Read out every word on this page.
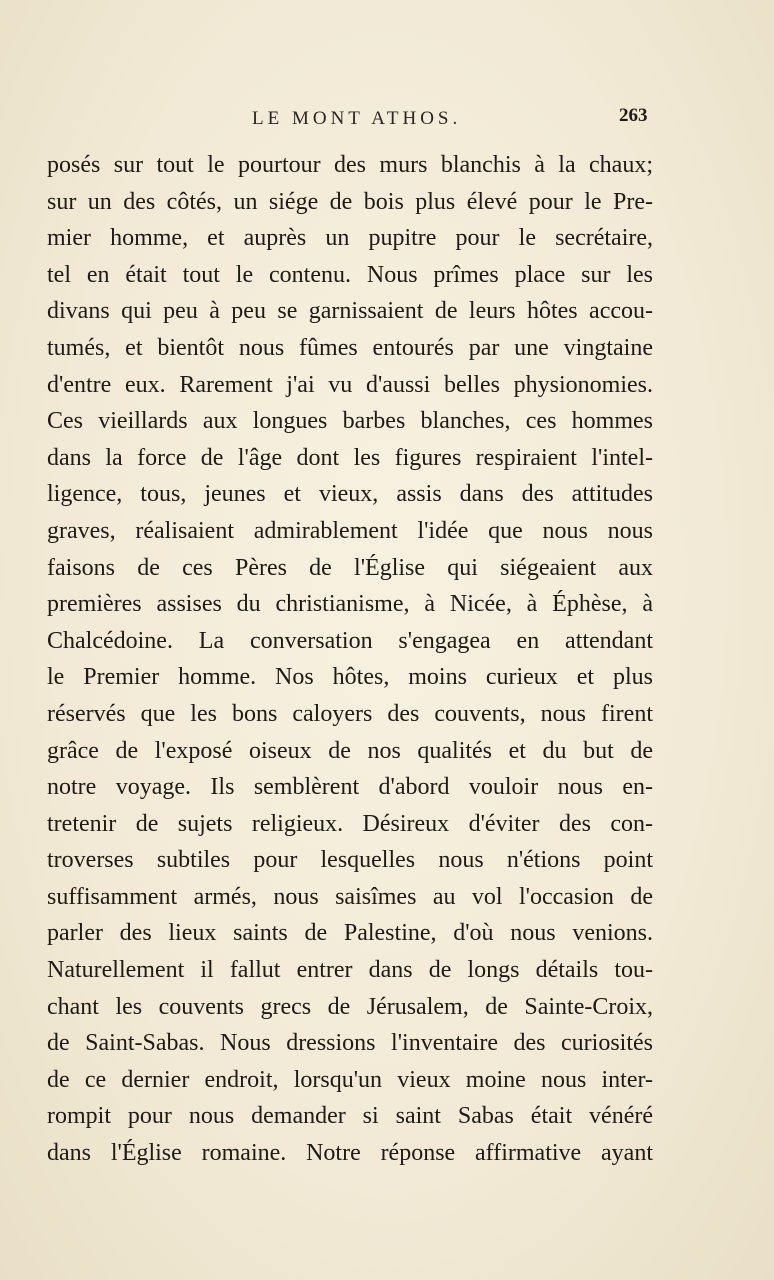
LE MONT ATHOS.	263
posés sur tout le pourtour des murs blanchis à la chaux;
sur un des côtés, un siége de bois plus élevé pour le Pre-
mier homme, et auprès un pupitre pour le secrétaire,
tel en était tout le contenu. Nous prîmes place sur les
divans qui peu à peu se garnissaient de leurs hôtes accou-
tumés, et bientôt nous fûmes entourés par une vingtaine
d'entre eux. Rarement j'ai vu d'aussi belles physionomies.
Ces vieillards aux longues barbes blanches, ces hommes
dans la force de l'âge dont les figures respiraient l'intel-
ligence, tous, jeunes et vieux, assis dans des attitudes
graves, réalisaient admirablement l'idée que nous nous
faisons de ces Pères de l'Église qui siégeaient aux
premières assises du christianisme, à Nicée, à Éphèse, à
Chalcédoine. La conversation s'engagea en attendant
le Premier homme. Nos hôtes, moins curieux et plus
réservés que les bons caloyers des couvents, nous firent
grâce de l'exposé oiseux de nos qualités et du but de
notre voyage. Ils semblèrent d'abord vouloir nous en-
tretenir de sujets religieux. Désireux d'éviter des con-
troverses subtiles pour lesquelles nous n'étions point
suffisamment armés, nous saisîmes au vol l'occasion de
parler des lieux saints de Palestine, d'où nous venions.
Naturellement il fallut entrer dans de longs détails tou-
chant les couvents grecs de Jérusalem, de Sainte-Croix,
de Saint-Sabas. Nous dressions l'inventaire des curiosités
de ce dernier endroit, lorsqu'un vieux moine nous inter-
rompit pour nous demander si saint Sabas était vénéré
dans l'Église romaine. Notre réponse affirmative ayant
